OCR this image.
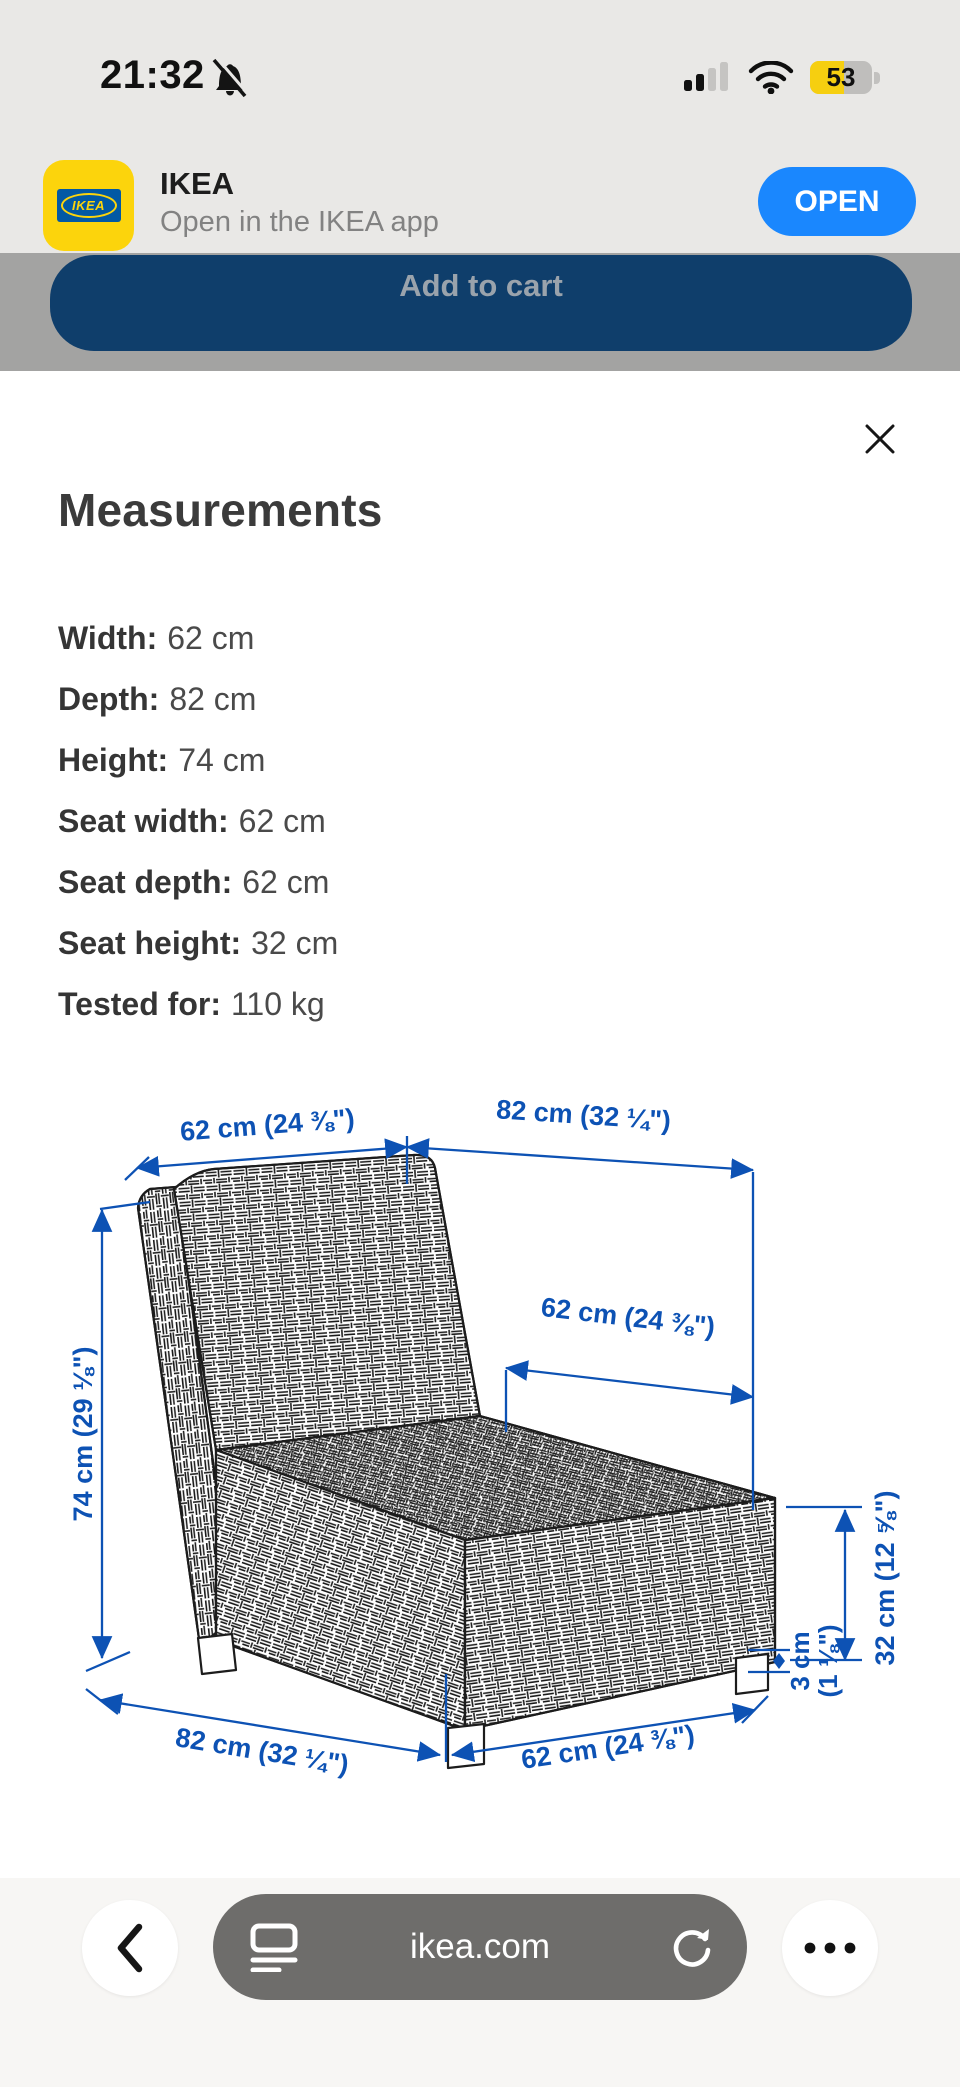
21:32	53
IKEA
IKEA
Open in the IKEA app
OPEN
Add to cart
Measurements
Width: 62 cm
Depth: 82 cm
Height: 74 cm
Seat width: 62 cm
Seat depth: 62 cm
Seat height: 32 cm
Tested for: 110 kg
62 cm (24 ⅜")	82 cm (32 ¼")
74 cm (29 ⅛")
62 cm (24 ⅜")
32 cm (12 ⅝")
3 cm
(1 ⅛")
82 cm (32 ¼")	62 cm (24 ⅜")
ikea.com
